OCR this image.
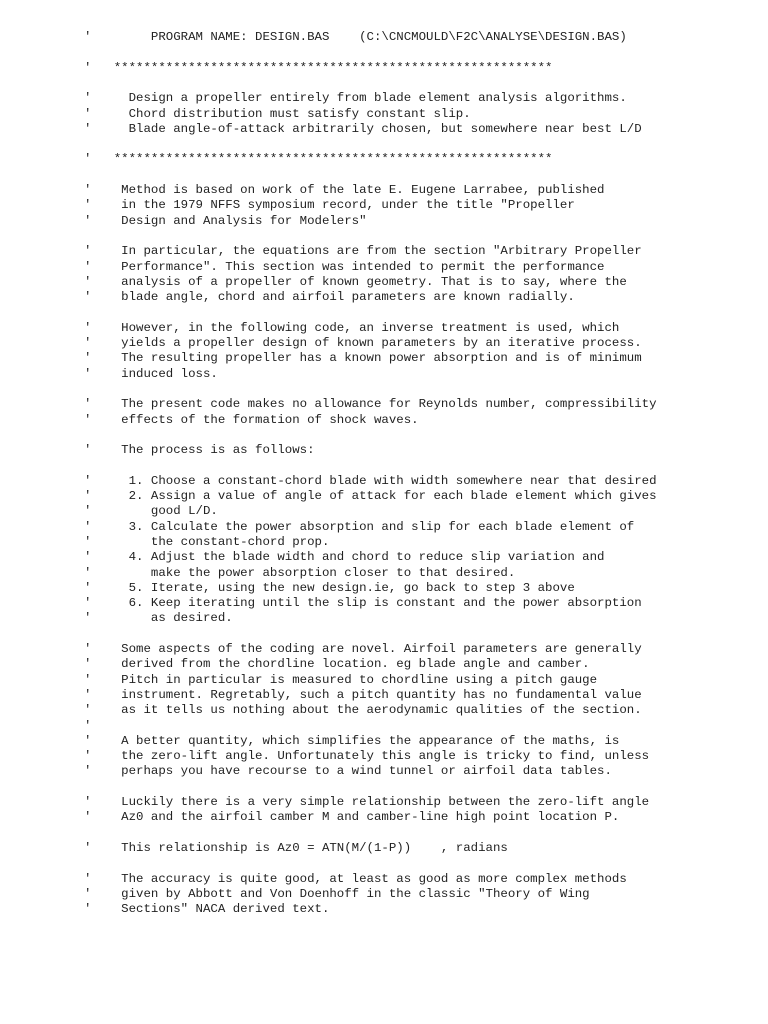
'        PROGRAM NAME: DESIGN.BAS    (C:\CNCMOULD\F2C\ANALYSE\DESIGN.BAS)
'   ***********************************************************
'     Design a propeller entirely from blade element analysis algorithms.
'     Chord distribution must satisfy constant slip.
'     Blade angle-of-attack arbitrarily chosen, but somewhere near best L/D
'   ***********************************************************
'    Method is based on work of the late E. Eugene Larrabee, published
'    in the 1979 NFFS symposium record, under the title "Propeller
'    Design and Analysis for Modelers"
'    In particular, the equations are from the section "Arbitrary Propeller
'    Performance". This section was intended to permit the performance
'    analysis of a propeller of known geometry. That is to say, where the
'    blade angle, chord and airfoil parameters are known radially.
'    However, in the following code, an inverse treatment is used, which
'    yields a propeller design of known parameters by an iterative process.
'    The resulting propeller has a known power absorption and is of minimum
'    induced loss.
'    The present code makes no allowance for Reynolds number, compressibility
'    effects of the formation of shock waves.
'    The process is as follows:
'     1. Choose a constant-chord blade with width somewhere near that desired
'     2. Assign a value of angle of attack for each blade element which gives
'        good L/D.
'     3. Calculate the power absorption and slip for each blade element of
'        the constant-chord prop.
'     4. Adjust the blade width and chord to reduce slip variation and
'        make the power absorption closer to that desired.
'     5. Iterate, using the new design.ie, go back to step 3 above
'     6. Keep iterating until the slip is constant and the power absorption
'        as desired.
'    Some aspects of the coding are novel. Airfoil parameters are generally
'    derived from the chordline location. eg blade angle and camber.
'    Pitch in particular is measured to chordline using a pitch gauge
'    instrument. Regretably, such a pitch quantity has no fundamental value
'    as it tells us nothing about the aerodynamic qualities of the section.
'
'    A better quantity, which simplifies the appearance of the maths, is
'    the zero-lift angle. Unfortunately this angle is tricky to find, unless
'    perhaps you have recourse to a wind tunnel or airfoil data tables.
'    Luckily there is a very simple relationship between the zero-lift angle
'    Az0 and the airfoil camber M and camber-line high point location P.
'    This relationship is Az0 = ATN(M/(1-P))    , radians
'    The accuracy is quite good, at least as good as more complex methods
'    given by Abbott and Von Doenhoff in the classic "Theory of Wing
'    Sections" NACA derived text.
